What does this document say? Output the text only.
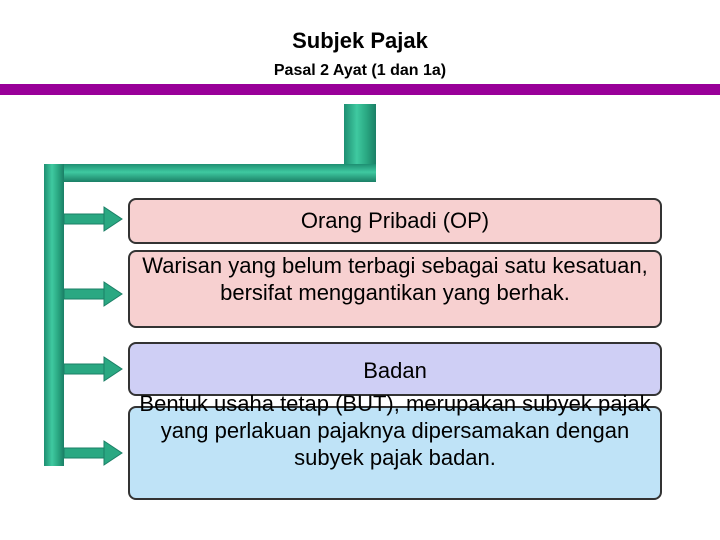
Subjek Pajak
Pasal 2 Ayat (1 dan 1a)
Orang Pribadi (OP)
Warisan yang belum terbagi sebagai satu kesatuan, bersifat menggantikan yang berhak.
Badan
Bentuk usaha tetap (BUT), merupakan subyek pajak yang perlakuan pajaknya dipersamakan dengan subyek pajak badan.
